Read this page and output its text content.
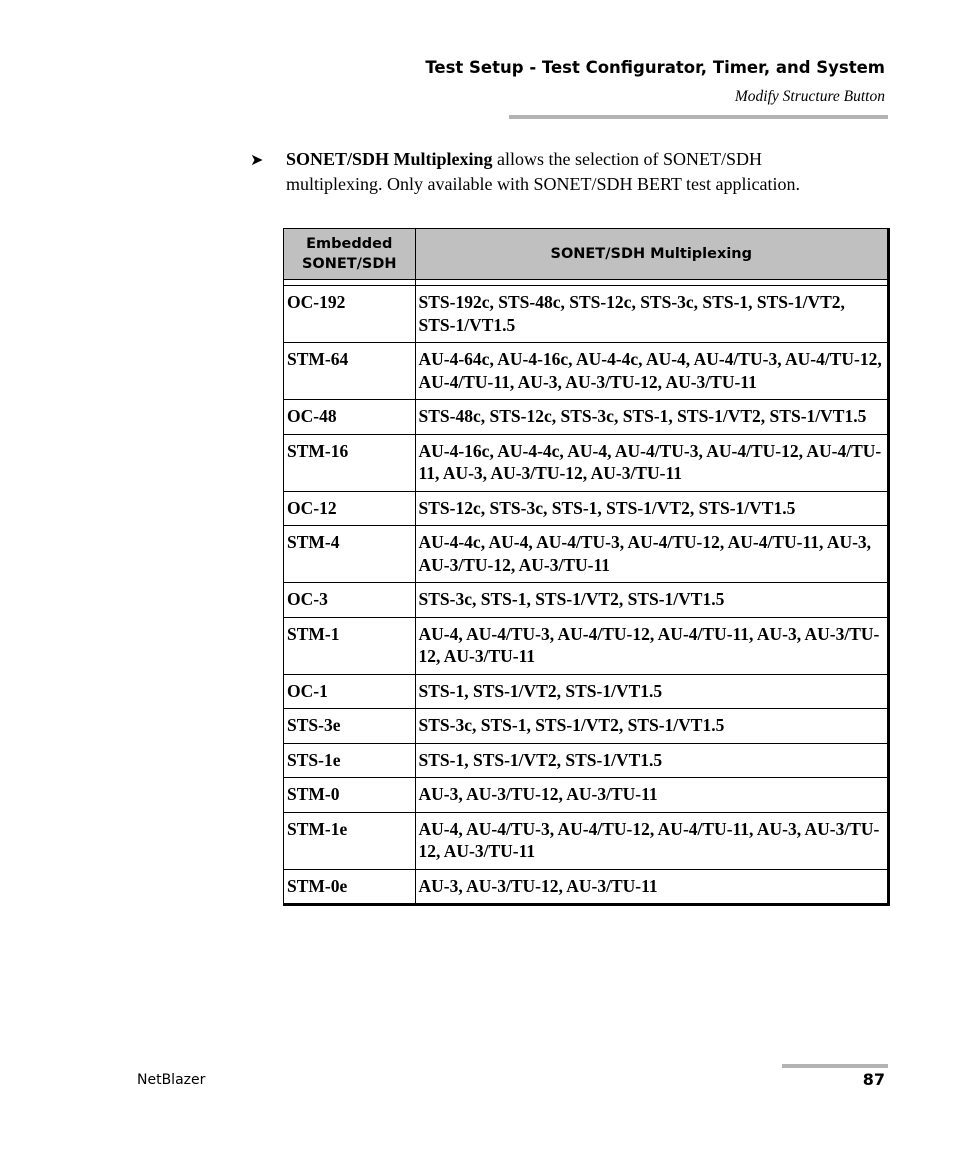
Test Setup - Test Configurator, Timer, and System
Modify Structure Button
➤ SONET/SDH Multiplexing allows the selection of SONET/SDH
multiplexing. Only available with SONET/SDH BERT test application.
Embedded SONET/SDH	SONET/SDH Multiplexing

OC-192	STS-192c, STS-48c, STS-12c, STS-3c, STS-1, STS-1/VT2, STS-1/VT1.5
STM-64	AU-4-64c, AU-4-16c, AU-4-4c, AU-4, AU-4/TU-3, AU-4/TU-12, AU-4/TU-11, AU-3, AU-3/TU-12, AU-3/TU-11
OC-48	STS-48c, STS-12c, STS-3c, STS-1, STS-1/VT2, STS-1/VT1.5
STM-16	AU-4-16c, AU-4-4c, AU-4, AU-4/TU-3, AU-4/TU-12, AU-4/TU-11, AU-3, AU-3/TU-12, AU-3/TU-11
OC-12	STS-12c, STS-3c, STS-1, STS-1/VT2, STS-1/VT1.5
STM-4	AU-4-4c, AU-4, AU-4/TU-3, AU-4/TU-12, AU-4/TU-11, AU-3, AU-3/TU-12, AU-3/TU-11
OC-3	STS-3c, STS-1, STS-1/VT2, STS-1/VT1.5
STM-1	AU-4, AU-4/TU-3, AU-4/TU-12, AU-4/TU-11, AU-3, AU-3/TU-12, AU-3/TU-11
OC-1	STS-1, STS-1/VT2, STS-1/VT1.5
STS-3e	STS-3c, STS-1, STS-1/VT2, STS-1/VT1.5
STS-1e	STS-1, STS-1/VT2, STS-1/VT1.5
STM-0	AU-3, AU-3/TU-12, AU-3/TU-11
STM-1e	AU-4, AU-4/TU-3, AU-4/TU-12, AU-4/TU-11, AU-3, AU-3/TU-12, AU-3/TU-11
STM-0e	AU-3, AU-3/TU-12, AU-3/TU-11
NetBlazer	87
